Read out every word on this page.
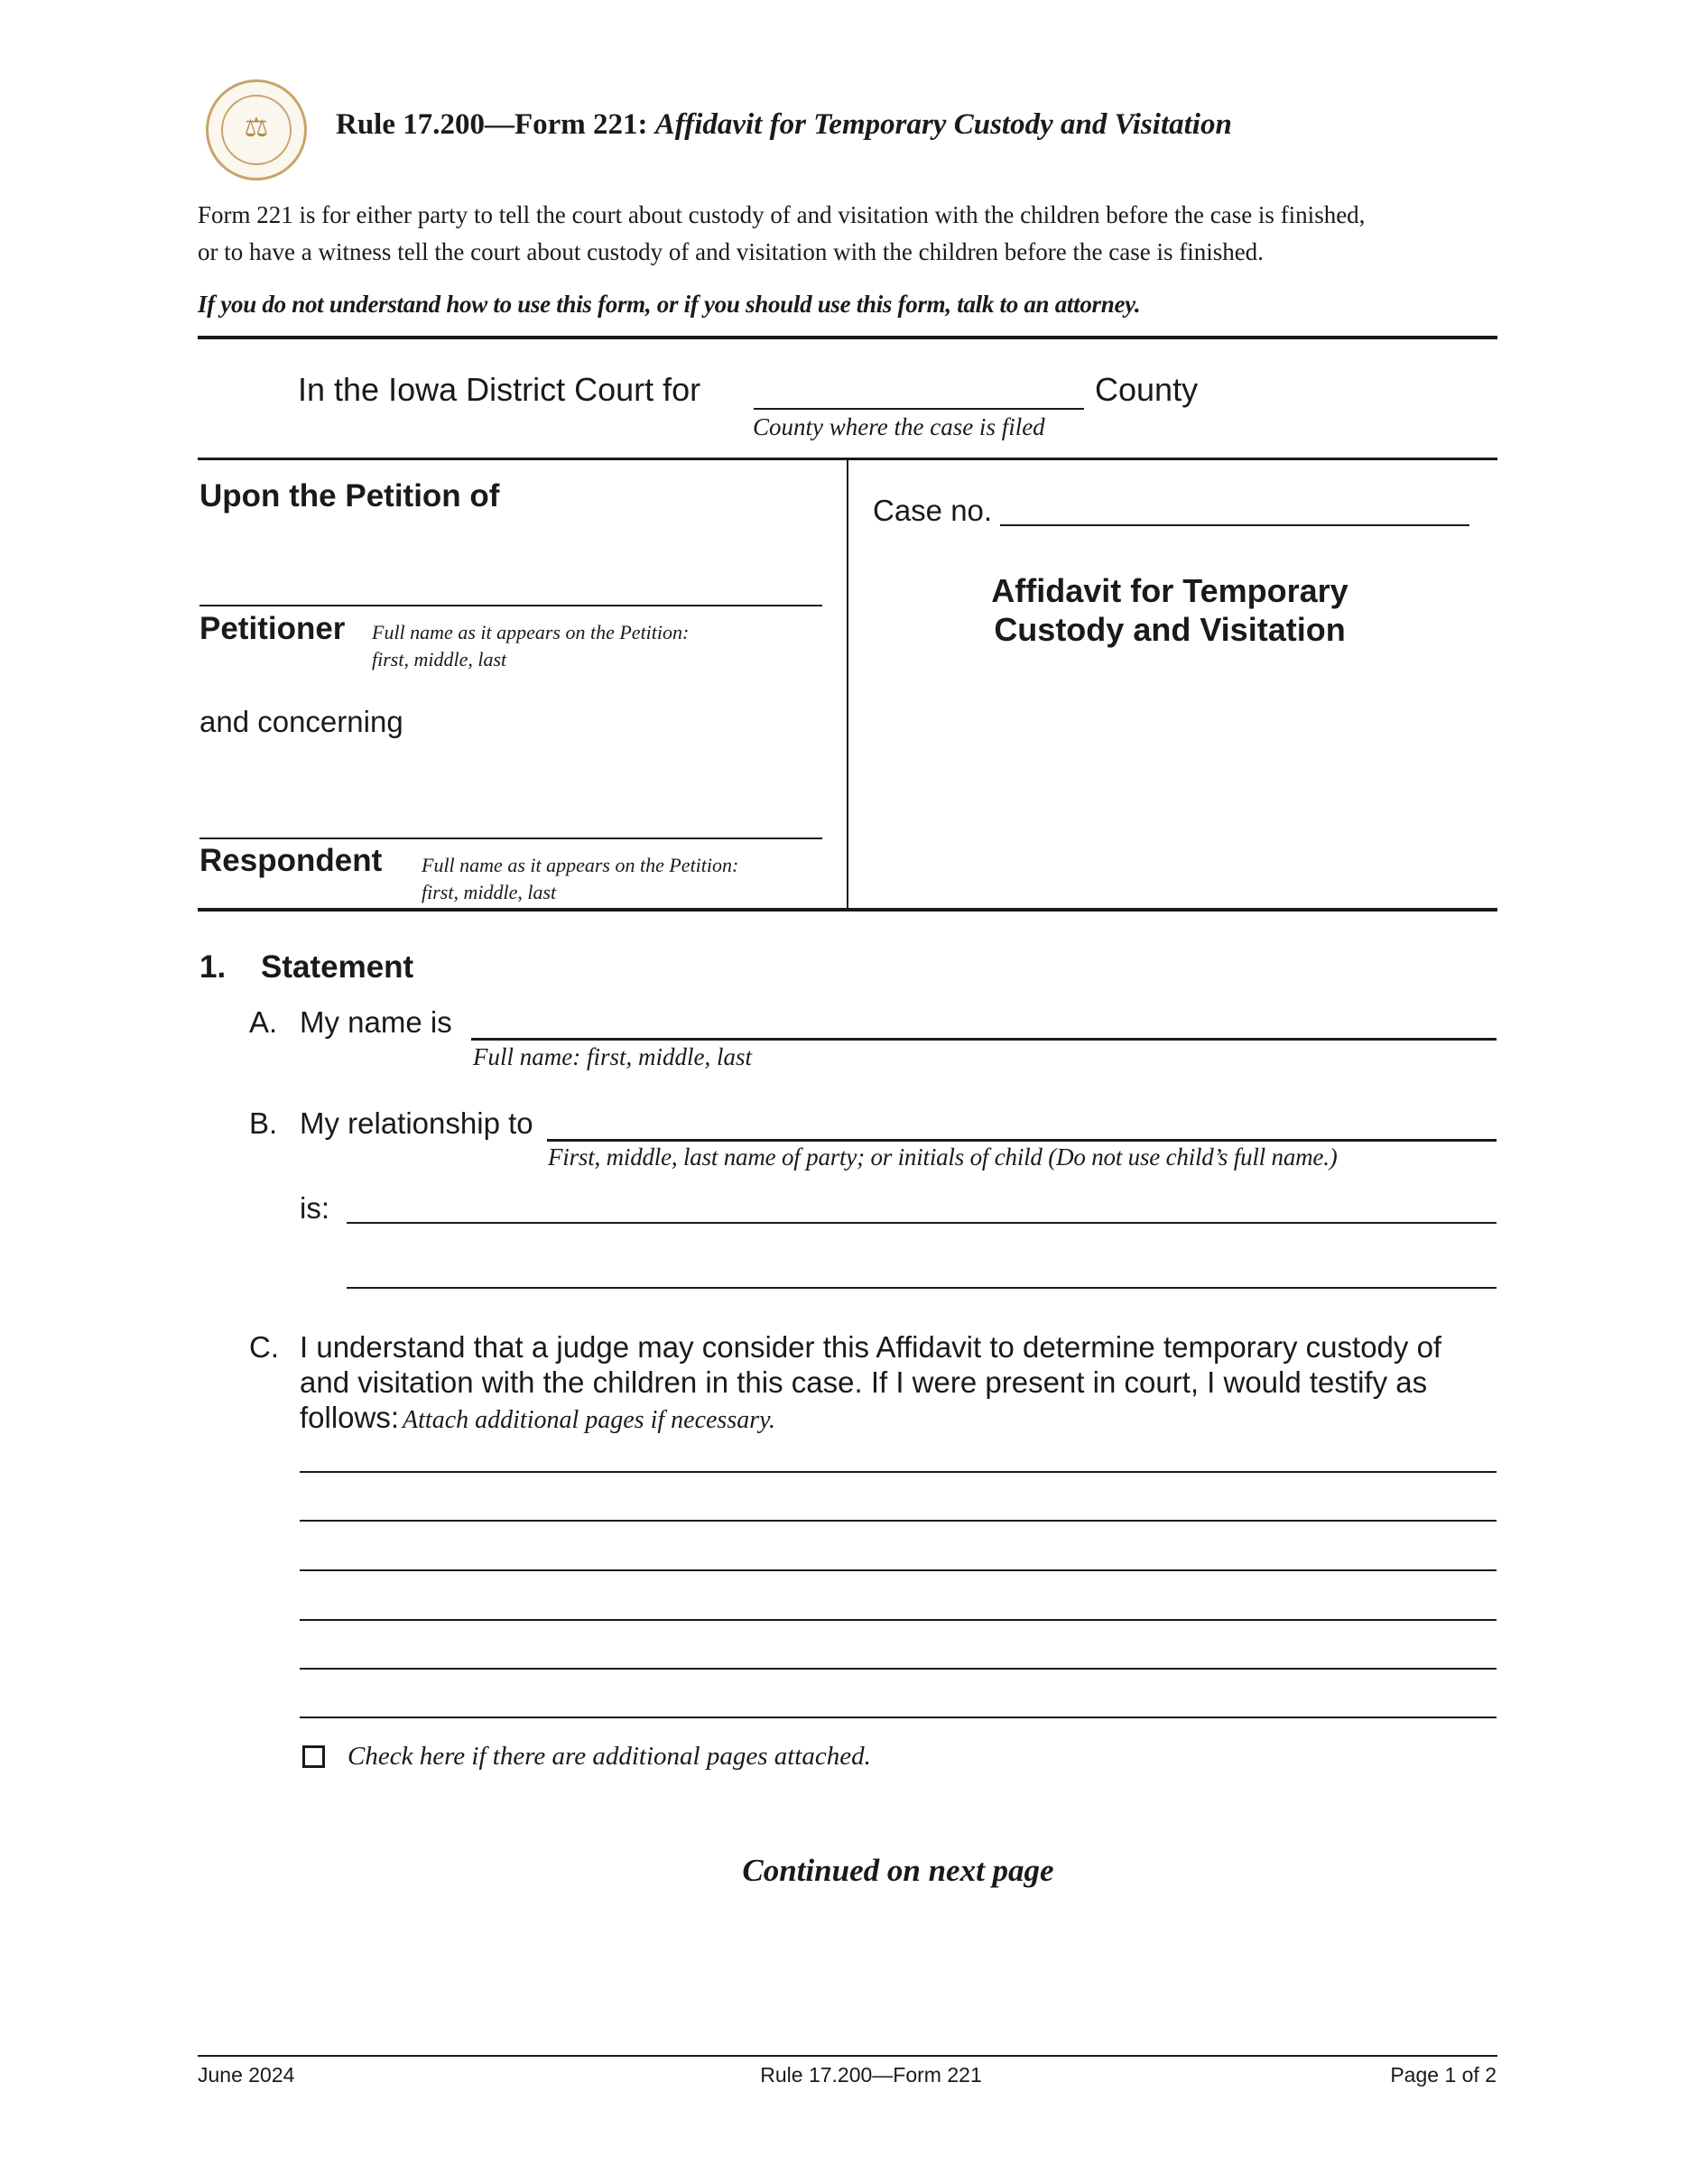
⚖	Rule 17.200—Form 221: Affidavit for Temporary Custody and Visitation
Form 221 is for either party to tell the court about custody of and visitation with the children before the case is finished,
or to have a witness tell the court about custody of and visitation with the children before the case is finished.
If you do not understand how to use this form, or if you should use this form, talk to an attorney.
In the Iowa District Court for	County
County where the case is filed
Upon the Petition of
Petitioner Full name as it appears on the Petition:
first, middle, last
and concerning
Respondent Full name as it appears on the Petition:
first, middle, last
Case no.
Affidavit for Temporary
Custody and Visitation
1. Statement
A. My name is
Full name: first, middle, last
B. My relationship to
First, middle, last name of party; or initials of child (Do not use child’s full name.)
is:
C. I understand that a judge may consider this Affidavit to determine temporary custody of
and visitation with the children in this case. If I were present in court, I would testify as
follows: Attach additional pages if necessary.
Check here if there are additional pages attached.
Continued on next page
June 2024	Rule 17.200—Form 221	Page 1 of 2
